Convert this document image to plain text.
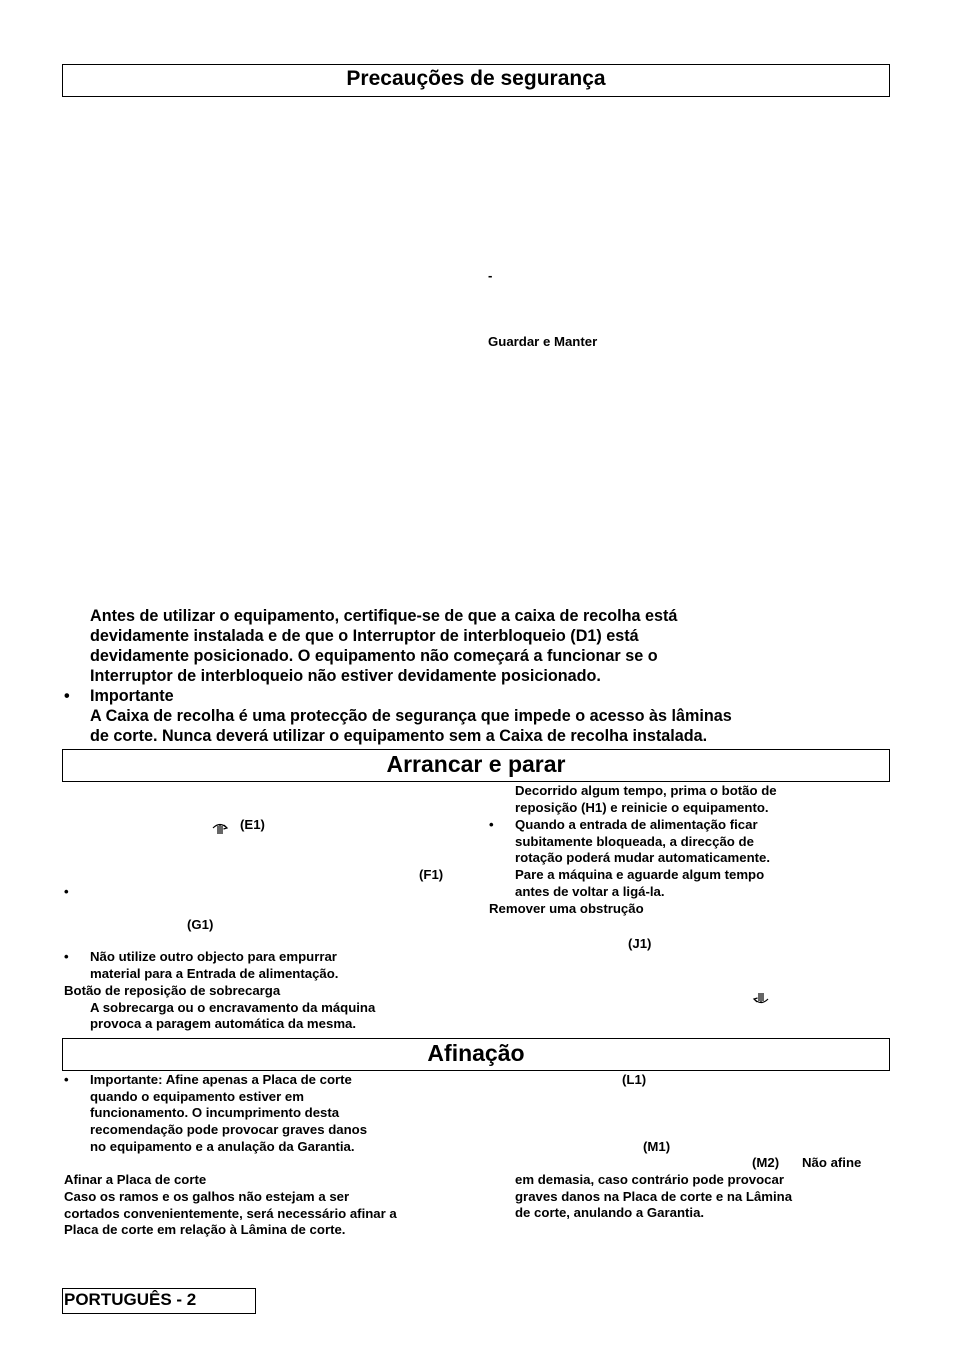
Precauções de segurança
-
Guardar e Manter
Antes de utilizar o equipamento, certifique-se de que a caixa de recolha está
devidamente instalada e de que o Interruptor de interbloqueio (D1) está
devidamente posicionado. O equipamento não começará a funcionar se o
Interruptor de interbloqueio não estiver devidamente posicionado.
• Importante
A Caixa de recolha é uma protecção de segurança que impede o acesso às lâminas
de corte. Nunca deverá utilizar o equipamento sem a Caixa de recolha instalada.
Arrancar e parar
(E1)
(F1)
•
(G1)
• Não utilize outro objecto para empurrar
material para a Entrada de alimentação.
Botão de reposição de sobrecarga
A sobrecarga ou o encravamento da máquina
provoca a paragem automática da mesma.
Decorrido algum tempo, prima o botão de
reposição (H1) e reinicie o equipamento.
• Quando a entrada de alimentação ficar
subitamente bloqueada, a direcção de
rotação poderá mudar automaticamente.
Pare a máquina e aguarde algum tempo
antes de voltar a ligá-la.
Remover uma obstrução
(J1)
Afinação
• Importante: Afine apenas a Placa de corte
quando o equipamento estiver em
funcionamento. O incumprimento desta
recomendação pode provocar graves danos
no equipamento e a anulação da Garantia.
Afinar a Placa de corte
Caso os ramos e os galhos não estejam a ser
cortados convenientemente, será necessário afinar a
Placa de corte em relação à Lâmina de corte.
(L1)
(M1)
(M2) Não afine
em demasia, caso contrário pode provocar
graves danos na Placa de corte e na Lâmina
de corte, anulando a Garantia.
PORTUGUÊS - 2
